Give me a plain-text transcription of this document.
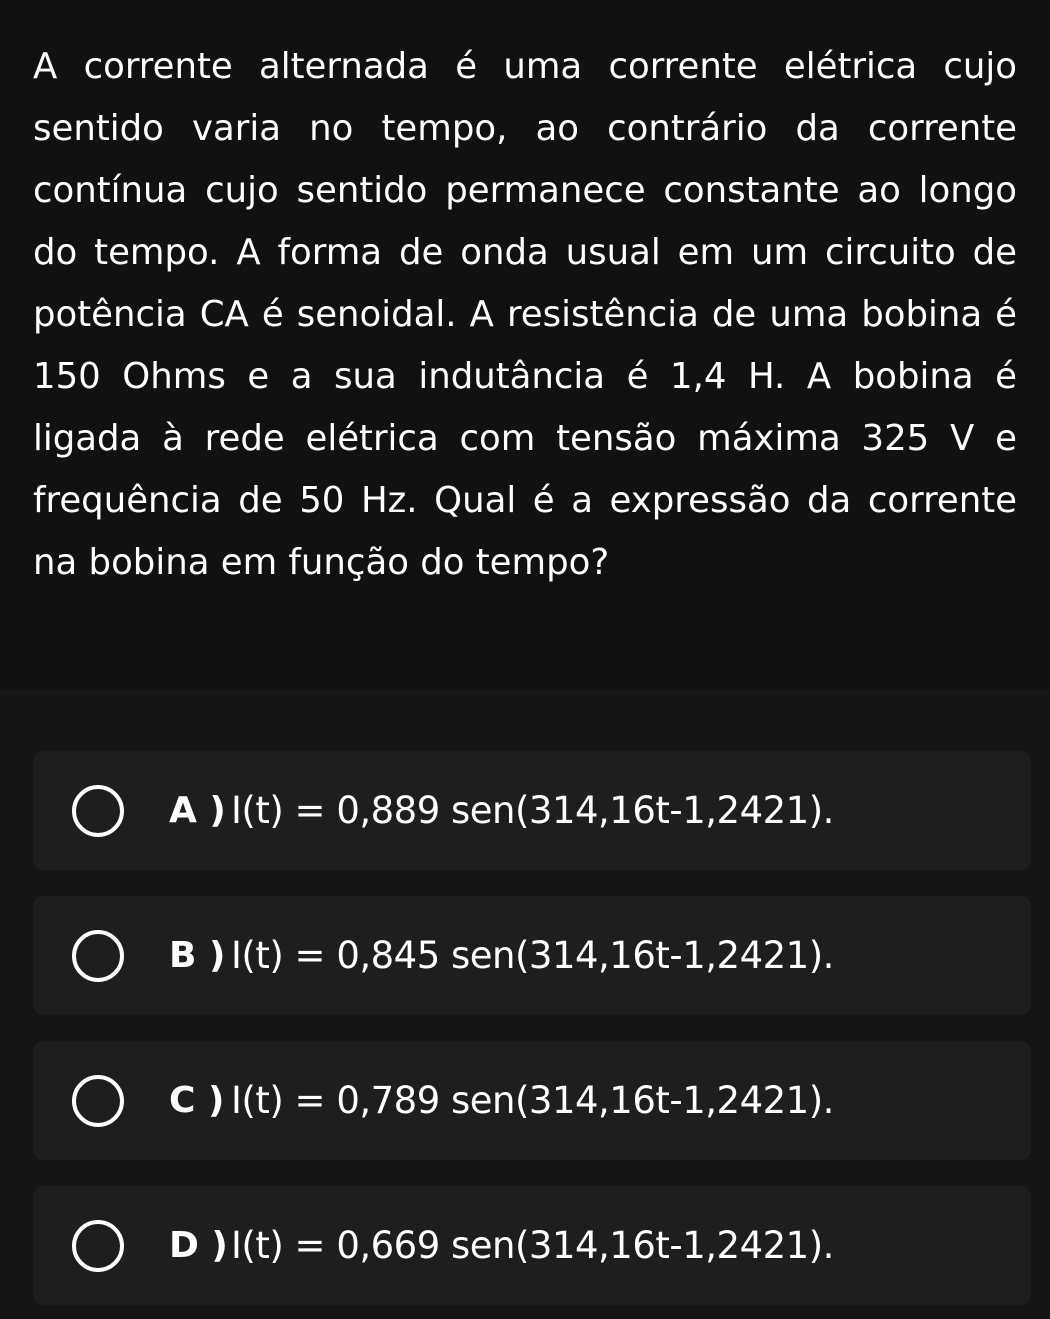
A corrente alternada é uma corrente elétrica cujo sentido varia no tempo, ao contrário da corrente contínua cujo sentido permanece constante ao longo do tempo. A forma de onda usual em um circuito de potência CA é senoidal. A resistência de uma bobina é 150 Ohms e a sua indutância é 1,4 H. A bobina é ligada à rede elétrica com tensão máxima 325 V e frequência de 50 Hz. Qual é a expressão da corrente na bobina em função do tempo?

A ) I(t) = 0,889 sen(314,16t-1,2421).
B ) I(t) = 0,845 sen(314,16t-1,2421).
C ) I(t) = 0,789 sen(314,16t-1,2421).
D ) I(t) = 0,669 sen(314,16t-1,2421).
